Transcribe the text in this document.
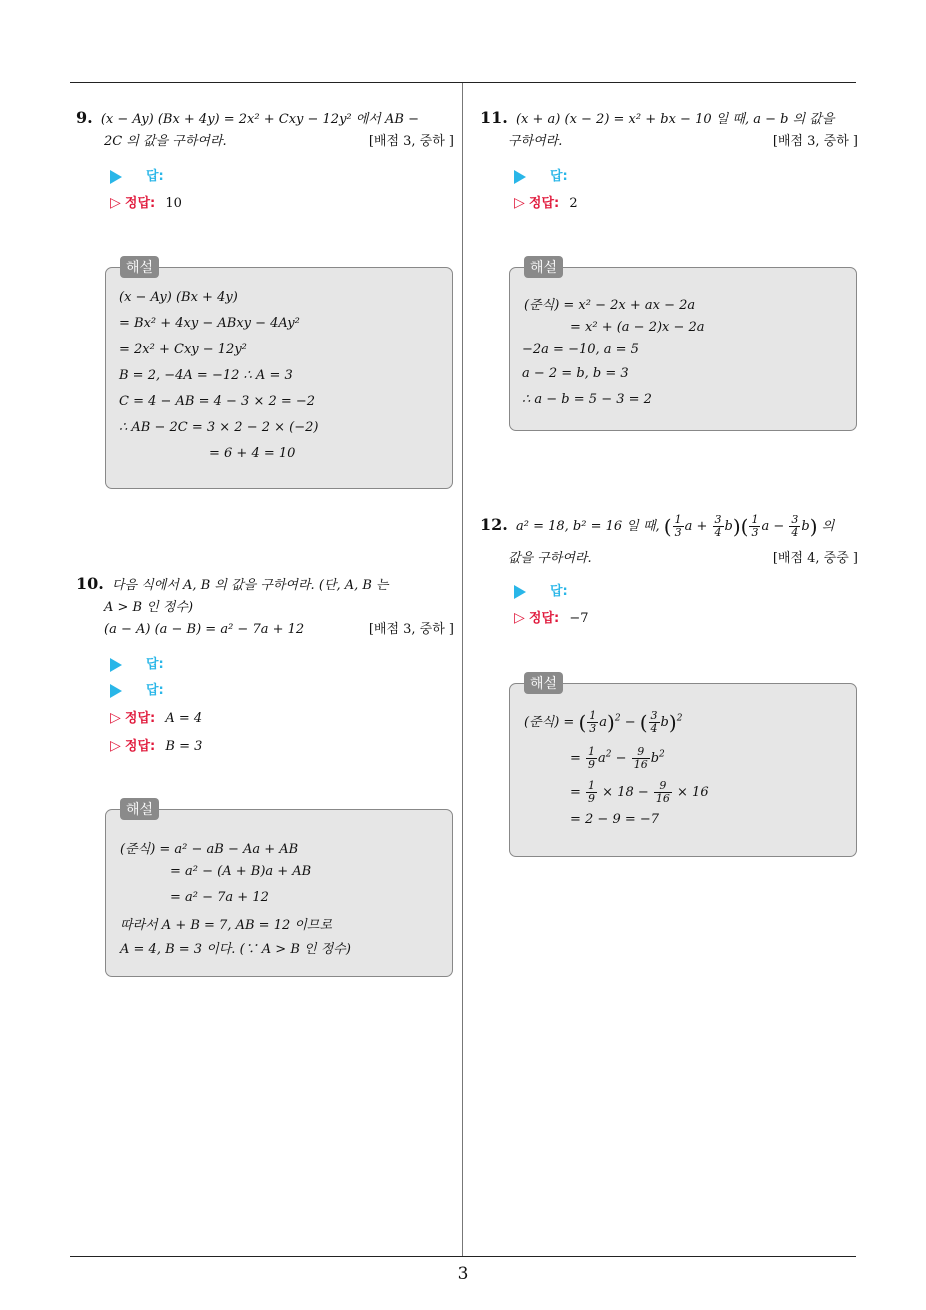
3
9. (x − Ay) (Bx + 4y) = 2x² + Cxy − 12y² 에서 AB −
2C 의 값을 구하여라.	[배점 3, 중하 ]
답:
▷ 정답: 10
해설
(x − Ay) (Bx + 4y)
= Bx² + 4xy − ABxy − 4Ay²
= 2x² + Cxy − 12y²
B = 2, −4A = −12 ∴ A = 3
C = 4 − AB = 4 − 3 × 2 = −2
∴ AB − 2C = 3 × 2 − 2 × (−2)
= 6 + 4 = 10
10. 다음 식에서 A, B 의 값을 구하여라. (단, A, B 는
A > B 인 정수)
(a − A) (a − B) = a² − 7a + 12	[배점 3, 중하 ]
답:
답:
▷ 정답: A = 4
▷ 정답: B = 3
해설
(준식) = a² − aB − Aa + AB
= a² − (A + B)a + AB
= a² − 7a + 12
따라서 A + B = 7, AB = 12 이므로
A = 4, B = 3 이다. (∵ A > B 인 정수)
11. (x + a) (x − 2) = x² + bx − 10 일 때, a − b 의 값을
구하여라.	[배점 3, 중하 ]
답:
▷ 정답: 2
해설
(준식) = x² − 2x + ax − 2a
= x² + (a − 2)x − 2a
−2a = −10, a = 5
a − 2 = b, b = 3
∴ a − b = 5 − 3 = 2
12. a² = 18, b² = 16 일 때, ( $\frac{1}{3}$ $a + \frac{3}{4} b)( \frac{1}{3}$ $a - \frac{3}{4} b$) 의
값을 구하여라.	[배점 4, 중중 ]
답:
▷ 정답: −7
해설
(준식) = ( $\frac{1}{3} a)^2$ − ( $\frac{3}{4} b)^2$
= $\frac{1}{9} a^2 - \frac{9}{16} b^2$
= $\frac{1}{9} \times 18 - \frac{9}{16} \times 16$
= 2 − 9 = −7
